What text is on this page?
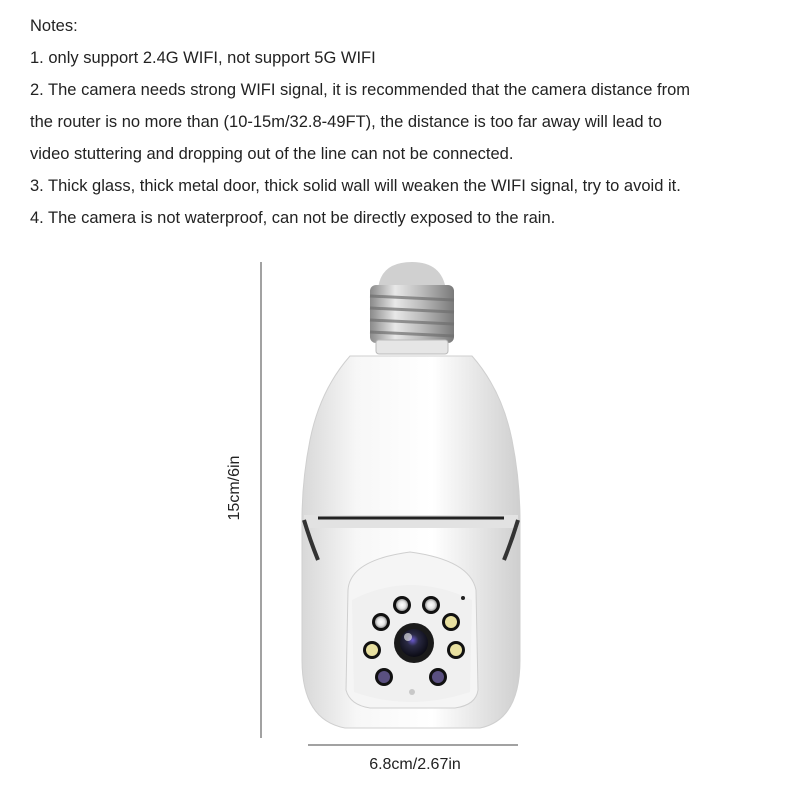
Notes:
1. only support 2.4G WIFI, not support 5G WIFI
2. The camera needs strong WIFI signal, it is recommended that the camera distance from
the router is no more than (10-15m/32.8-49FT), the distance is too far away will lead to
video stuttering and dropping out of the line can not be connected.
3. Thick glass, thick metal door, thick solid wall will weaken the WIFI signal, try to avoid it.
4. The camera is not waterproof, can not be directly exposed to the rain.
15cm/6in
6.8cm/2.67in
